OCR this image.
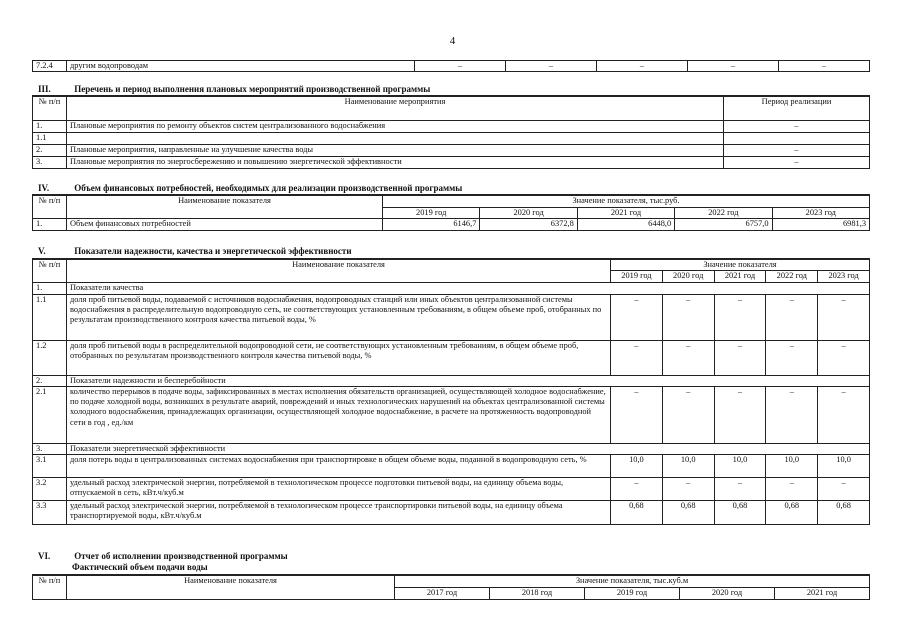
4
7.2.4	другим водопроводам	–	–	–	–	–
III.	Перечень и период выполнения плановых мероприятий производственной программы
№ п/п	Наименование мероприятия	Период реализации
1.	Плановые мероприятия по ремонту объектов систем централизованного водоснабжения	–
1.1		
2.	Плановые мероприятия, направленные на улучшение качества воды	–
3.	Плановые мероприятия по энергосбережению и повышению энергетической эффективности	–
IV.	Объем финансовых потребностей, необходимых для реализации производственной программы
№ п/п	Наименование показателя	Значение показателя, тыс.руб.				
		2019 год	2020 год	2021 год	2022 год	2023 год
1.	Объем финансовых потребностей	6146,7	6372,8	6448,0	6757,0	6981,3
V.	Показатели надежности, качества и энергетической эффективности
№ п/п	Наименование показателя	Значение показателя				
		2019 год	2020 год	2021 год	2022 год	2023 год
1.	Показатели качества					
1.1	доля проб питьевой воды, подаваемой с источников водоснабжения, водопроводных станций или иных объектов централизованной системы водоснабжения в распределительную водопроводную сеть, не соответствующих установленным требованиям, в общем объеме проб, отобранных по результатам производственного контроля качества питьевой воды, %	–	–	–	–	–
1.2	доля проб питьевой воды в распределительной водопроводной сети, не соответствующих установленным требованиям, в общем объеме проб, отобранных по результатам производственного контроля качества питьевой воды, %	–	–	–	–	–
2.	Показатели надежности и бесперебойности					
2.1	количество перерывов в подаче воды, зафиксированных в местах исполнения обязательств организацией, осуществляющей холодное водоснабжение, по подаче холодной воды, возникших в результате аварий, повреждений и иных технологических нарушений на объектах централизованной системы холодного водоснабжения, принадлежащих организации, осуществляющей холодное водоснабжение, в расчете на протяженность водопроводной сети в год , ед./км	–	–	–	–	–
3.	Показатели энергетической эффективности					
3.1	доля потерь воды в централизованных системах водоснабжения при транспортировке в общем объеме воды, поданной в водопроводную сеть, %	10,0	10,0	10,0	10,0	10,0
3.2	удельный расход электрической энергии, потребляемой в технологическом процессе подготовки питьевой воды, на единицу объема воды, отпускаемой в сеть, кВт.ч/куб.м	–	–	–	–	–
3.3	удельный расход электрической энергии, потребляемой в технологическом процессе транспортировки питьевой воды, на единицу объема транспортируемой воды, кВт.ч/куб.м	0,68	0,68	0,68	0,68	0,68
VI.	Отчет об исполнении производственной программы
Фактический объем подачи воды
№ п/п	Наименование показателя	Значение показателя, тыс.куб.м				
		2017 год	2018 год	2019 год	2020 год	2021 год
